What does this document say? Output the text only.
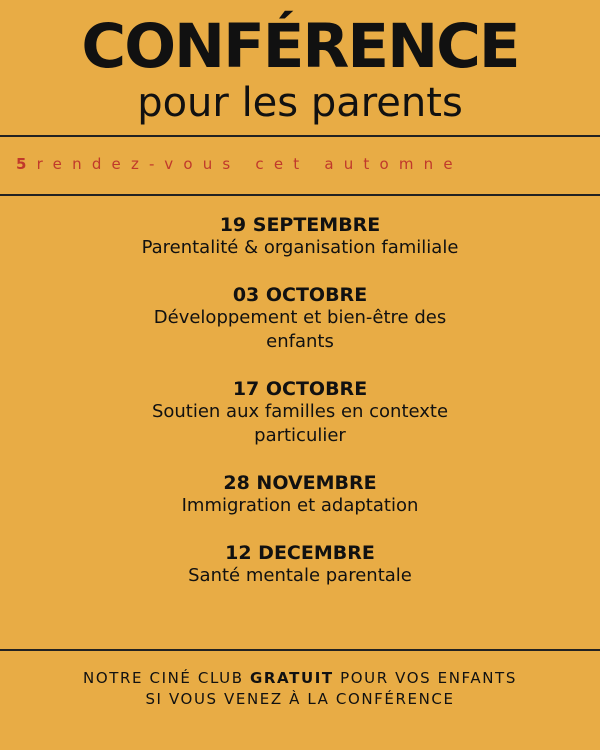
CONFÉRENCE
pour les parents
5rendez-vous cet automne
19 SEPTEMBRE
Parentalité & organisation familiale
03 OCTOBRE
Développement et bien-être des enfants
17 OCTOBRE
Soutien aux familles en contexte particulier
28 NOVEMBRE
Immigration et adaptation
12 DECEMBRE
Santé mentale parentale
NOTRE CINÉ CLUB GRATUIT POUR VOS ENFANTS
SI VOUS VENEZ À LA CONFÉRENCE
